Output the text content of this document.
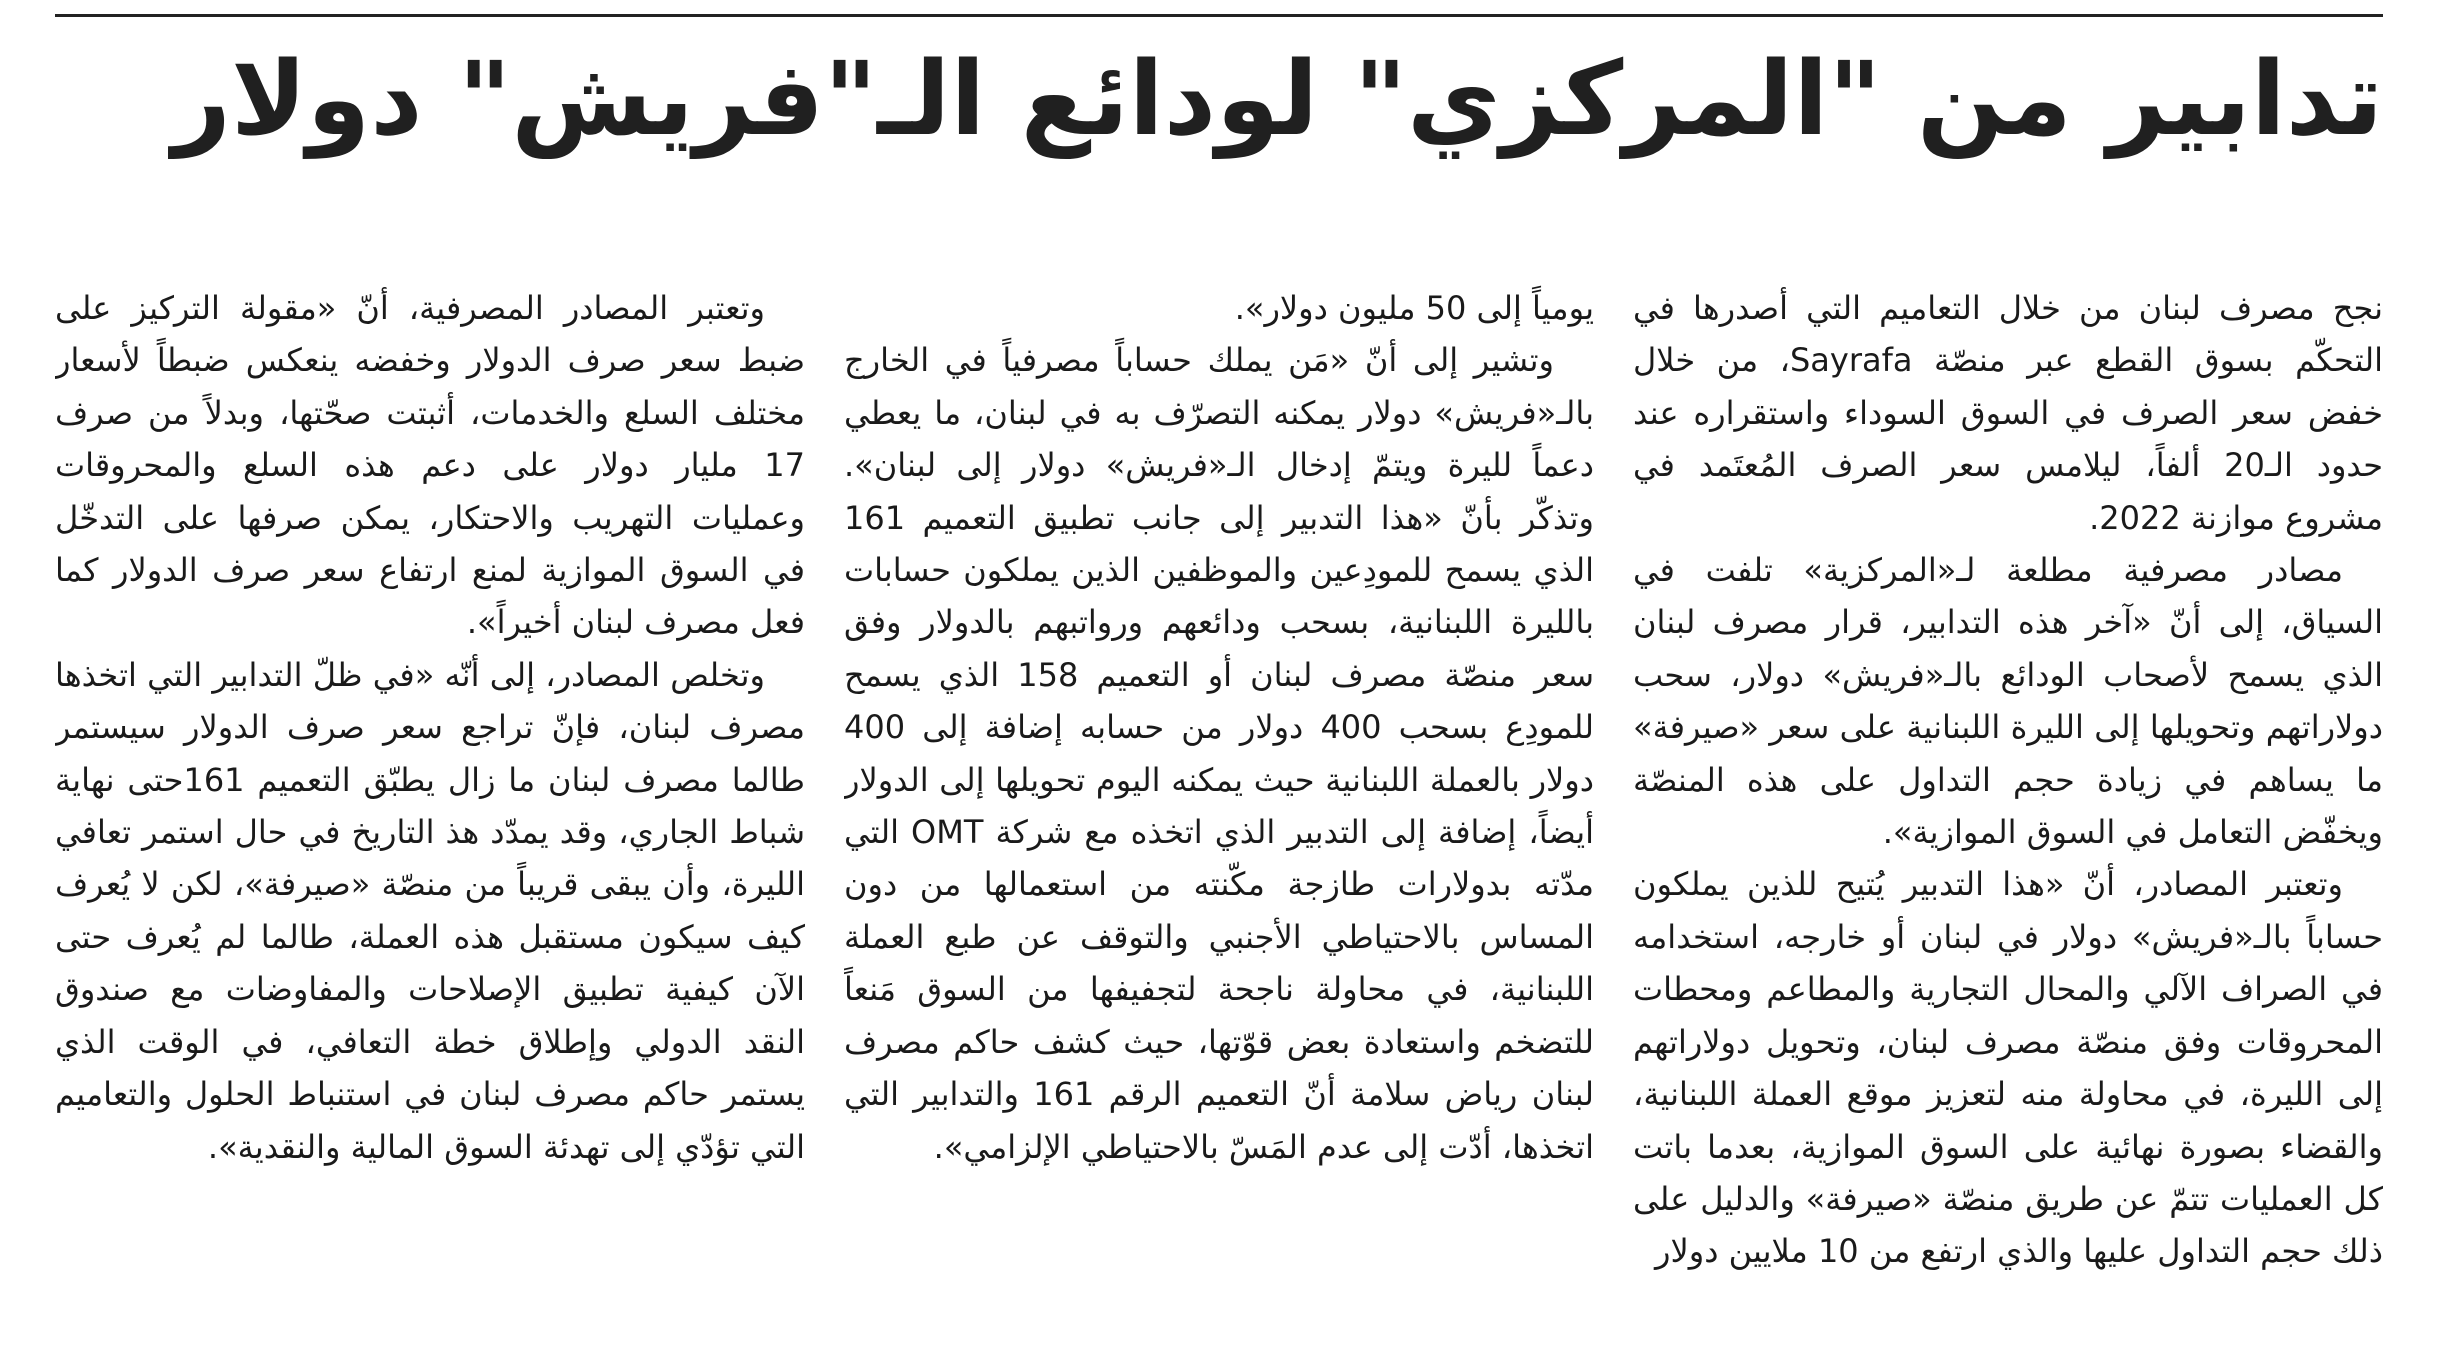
تدابير من "المركزي" لودائع الـ"فريش" دولار

نجح مصرف لبنان من خلال التعاميم التي أصدرها في التحكّم بسوق القطع عبر منصّة Sayrafa، من خلال خفض سعر الصرف في السوق السوداء واستقراره عند حدود الـ20 ألفاً، ليلامس سعر الصرف المُعتَمد في مشروع موازنة 2022.

مصادر مصرفية مطلعة لـ«المركزية» تلفت في السياق، إلى أنّ «آخر هذه التدابير، قرار مصرف لبنان الذي يسمح لأصحاب الودائع بالـ«فريش» دولار، سحب دولاراتهم وتحويلها إلى الليرة اللبنانية على سعر «صيرفة» ما يساهم في زيادة حجم التداول على هذه المنصّة ويخفّض التعامل في السوق الموازية».

وتعتبر المصادر، أنّ «هذا التدبير يُتيح للذين يملكون حساباً بالـ«فريش» دولار في لبنان أو خارجه، استخدامه في الصراف الآلي والمحال التجارية والمطاعم ومحطات المحروقات وفق منصّة مصرف لبنان، وتحويل دولاراتهم إلى الليرة، في محاولة منه لتعزيز موقع العملة اللبنانية، والقضاء بصورة نهائية على السوق الموازية، بعدما باتت كل العمليات تتمّ عن طريق منصّة «صيرفة» والدليل على ذلك حجم التداول عليها والذي ارتفع من 10 ملايين دولار

يومياً إلى 50 مليون دولار».

وتشير إلى أنّ «مَن يملك حساباً مصرفياً في الخارج بالـ«فريش» دولار يمكنه التصرّف به في لبنان، ما يعطي دعماً لليرة ويتمّ إدخال الـ«فريش» دولار إلى لبنان». وتذكّر بأنّ «هذا التدبير إلى جانب تطبيق التعميم 161 الذي يسمح للمودِعين والموظفين الذين يملكون حسابات بالليرة اللبنانية، بسحب ودائعهم ورواتبهم بالدولار وفق سعر منصّة مصرف لبنان أو التعميم 158 الذي يسمح للمودِع بسحب 400 دولار من حسابه إضافة إلى 400 دولار بالعملة اللبنانية حيث يمكنه اليوم تحويلها إلى الدولار أيضاً، إضافة إلى التدبير الذي اتخذه مع شركة OMT التي مدّته بدولارات طازجة مكّنته من استعمالها من دون المساس بالاحتياطي الأجنبي والتوقف عن طبع العملة اللبنانية، في محاولة ناجحة لتجفيفها من السوق مَنعاً للتضخم واستعادة بعض قوّتها، حيث كشف حاكم مصرف لبنان رياض سلامة أنّ التعميم الرقم 161 والتدابير التي اتخذها، أدّت إلى عدم المَسّ بالاحتياطي الإلزامي».

وتعتبر المصادر المصرفية، أنّ «مقولة التركيز على ضبط سعر صرف الدولار وخفضه ينعكس ضبطاً لأسعار مختلف السلع والخدمات، أثبتت صحّتها، وبدلاً من صرف 17 مليار دولار على دعم هذه السلع والمحروقات وعمليات التهريب والاحتكار، يمكن صرفها على التدخّل في السوق الموازية لمنع ارتفاع سعر صرف الدولار كما فعل مصرف لبنان أخيراً».

وتخلص المصادر، إلى أنّه «في ظلّ التدابير التي اتخذها مصرف لبنان، فإنّ تراجع سعر صرف الدولار سيستمر طالما مصرف لبنان ما زال يطبّق التعميم 161حتى نهاية شباط الجاري، وقد يمدّد هذ التاريخ في حال استمر تعافي الليرة، وأن يبقى قريباً من منصّة «صيرفة»، لكن لا يُعرف كيف سيكون مستقبل هذه العملة، طالما لم يُعرف حتى الآن كيفية تطبيق الإصلاحات والمفاوضات مع صندوق النقد الدولي وإطلاق خطة التعافي، في الوقت الذي يستمر حاكم مصرف لبنان في استنباط الحلول والتعاميم التي تؤدّي إلى تهدئة السوق المالية والنقدية».
